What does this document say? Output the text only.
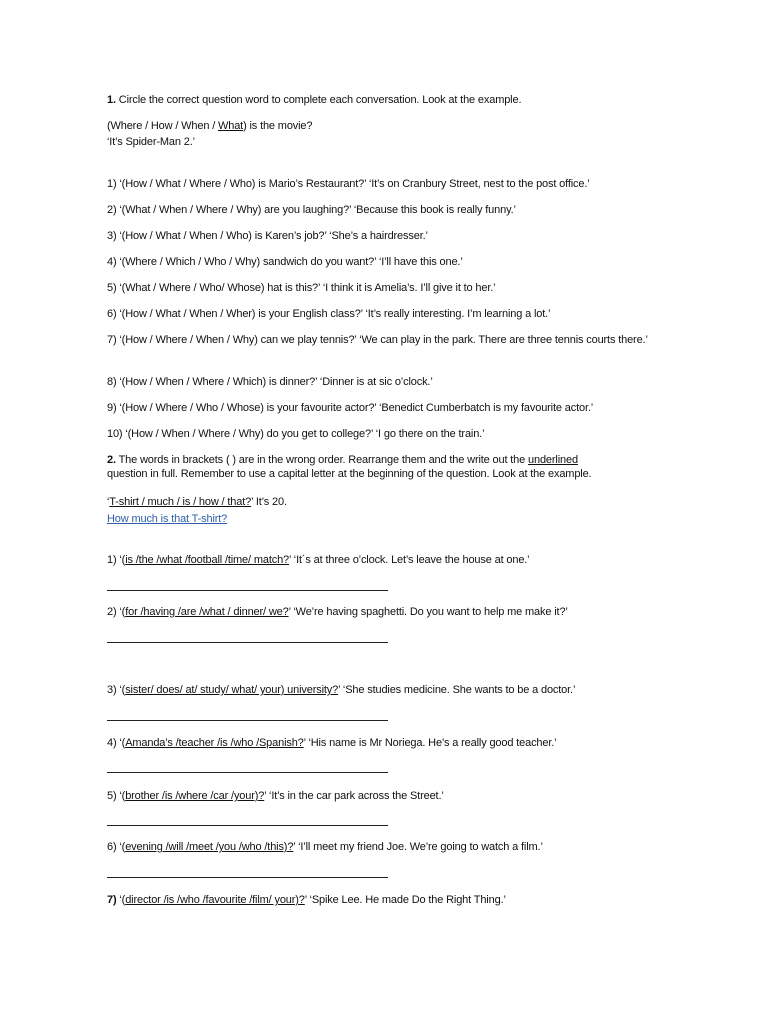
1. Circle the correct question word to complete each conversation. Look at the example.
(Where / How / When / What) is the movie?
‘It’s Spider-Man 2.’
1) ‘(How / What / Where / Who) is Mario’s Restaurant?’ ‘It’s on Cranbury Street, nest to the post office.’
2) ‘(What / When / Where / Why) are you laughing?’ ‘Because this book is really funny.’
3) ‘(How / What / When / Who) is Karen’s job?’ ‘She’s a hairdresser.’
4) ‘(Where / Which / Who / Why) sandwich do you want?’ ‘I’ll have this one.’
5) ‘(What / Where / Who/ Whose) hat is this?’ ‘I think it is Amelia’s. I’ll give it to her.’
6) ‘(How / What / When / Wher) is your English class?’ ‘It’s really interesting. I’m learning a lot.’
7) ‘(How / Where / When / Why) can we play tennis?’ ‘We can play in the park. There are three tennis courts there.’
8) ‘(How / When / Where / Which) is dinner?’ ‘Dinner is at sic o’clock.’
9) ‘(How / Where / Who / Whose) is your favourite actor?’ ‘Benedict Cumberbatch is my favourite actor.’
10) ‘(How / When / Where / Why) do you get to college?’ ‘I go there on the train.’
2. The words in brackets ( ) are in the wrong order. Rearrange them and the write out the underlined
question in full. Remember to use a capital letter at the beginning of the question. Look at the example.
‘T-shirt / much / is / how / that?’ It’s 20.
How much is that T-shirt?
1) ‘(is /the /what /football /time/ match?’ ‘It´s at three o’clock. Let’s leave the house at one.’
2) ‘(for /having /are /what / dinner/ we?’ ‘We’re having spaghetti. Do you want to help me make it?’
3) ‘(sister/ does/ at/ study/ what/ your) university?’ ‘She studies medicine. She wants to be a doctor.’
4) ‘(Amanda’s /teacher /is /who /Spanish?’ ‘His name is Mr Noriega. He’s a really good teacher.’
5) ‘(brother /is /where /car /your)?’ ‘It’s in the car park across the Street.’
6) ‘(evening /will /meet /you /who /this)?’ ‘I’ll meet my friend Joe. We’re going to watch a film.’
7) ‘(director /is /who /favourite /film/ your)?’ ‘Spike Lee. He made Do the Right Thing.’
